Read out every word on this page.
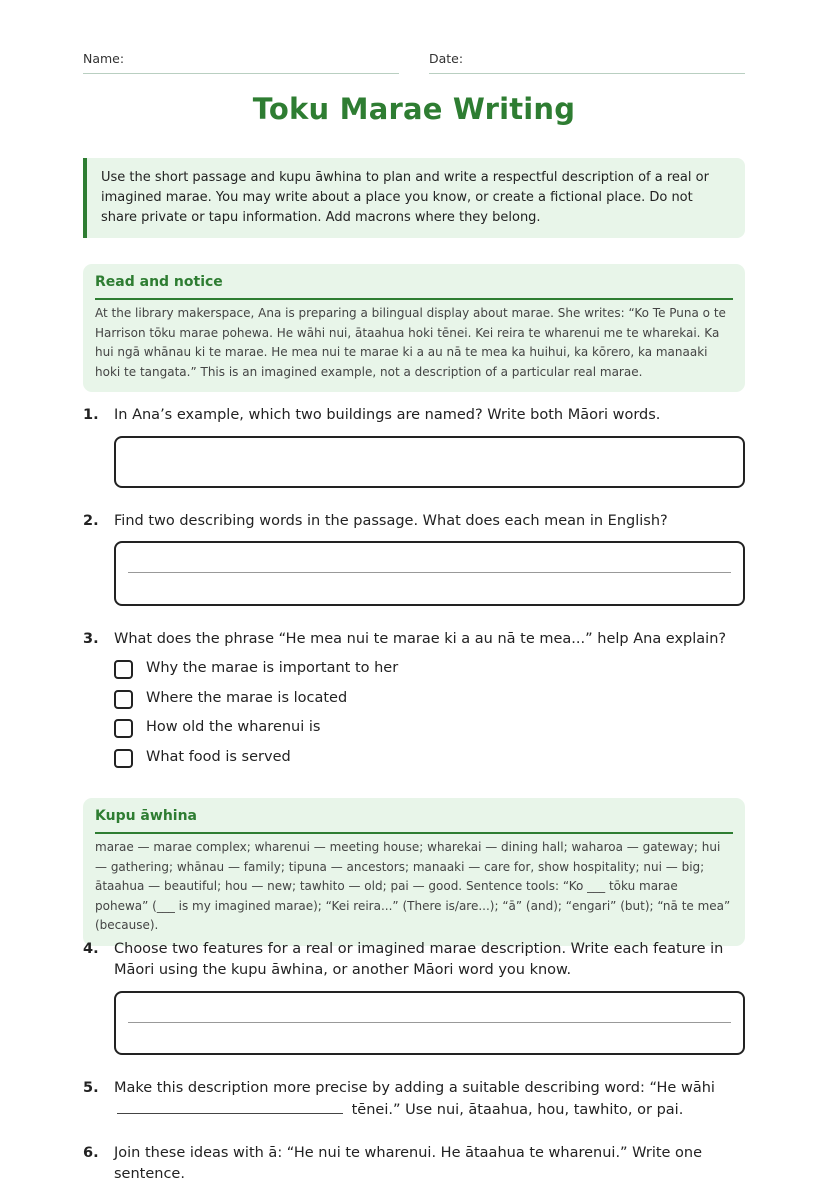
Name:	Date:
Toku Marae Writing
Use the short passage and kupu āwhina to plan and write a respectful description of a real or imagined marae. You may write about a place you know, or create a fictional place. Do not share private or tapu information. Add macrons where they belong.
Read and notice
At the library makerspace, Ana is preparing a bilingual display about marae. She writes: “Ko Te Puna o te Harrison tōku marae pohewa. He wāhi nui, ātaahua hoki tēnei. Kei reira te wharenui me te wharekai. Ka hui ngā whānau ki te marae. He mea nui te marae ki a au nā te mea ka huihui, ka kōrero, ka manaaki hoki te tangata.” This is an imagined example, not a description of a particular real marae.
1.	In Ana’s example, which two buildings are named? Write both Māori words.
2.	Find two describing words in the passage. What does each mean in English?
3.	What does the phrase “He mea nui te marae ki a au nā te mea...” help Ana explain?
Why the marae is important to her
Where the marae is located
How old the wharenui is
What food is served
Kupu āwhina
marae — marae complex; wharenui — meeting house; wharekai — dining hall; waharoa — gateway; hui — gathering; whānau — family; tipuna — ancestors; manaaki — care for, show hospitality; nui — big; ātaahua — beautiful; hou — new; tawhito — old; pai — good. Sentence tools: “Ko ___ tōku marae pohewa” (___ is my imagined marae); “Kei reira...” (There is/are...); “ā” (and); “engari” (but); “nā te mea” (because).
4.	Choose two features for a real or imagined marae description. Write each feature in Māori using the kupu āwhina, or another Māori word you know.
5.	Make this description more precise by adding a suitable describing word: “He wāhi
tēnei.” Use nui, ātaahua, hou, tawhito, or pai.
6.	Join these ideas with ā: “He nui te wharenui. He ātaahua te wharenui.” Write one sentence.
